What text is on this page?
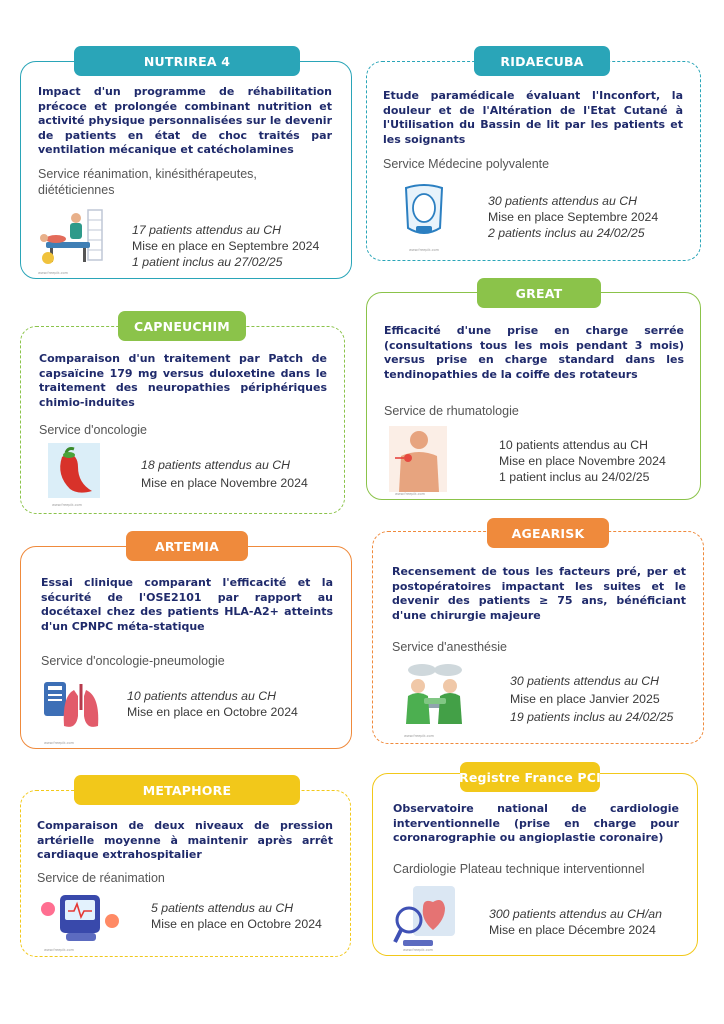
NUTRIREA 4
Impact d'un programme de réhabilitation précoce et prolongée combinant nutrition et activité physique personnalisées sur le devenir de patients en état de choc traités par ventilation mécanique et catécholamines
Service réanimation, kinésithérapeutes, diététiciennes
www.freepik.com
17 patients attendus au CH
Mise en place en Septembre 2024
1 patient inclus au 27/02/25
RIDAECUBA
Etude paramédicale évaluant l'Inconfort, la douleur et de l'Altération de l'Etat Cutané à l'Utilisation du Bassin de lit par les patients et les soignants
Service Médecine polyvalente
www.freepik.com
30 patients attendus au CH
Mise en place Septembre 2024
2 patients inclus au 24/02/25
CAPNEUCHIM
Comparaison d'un traitement par Patch de capsaïcine 179 mg versus duloxetine dans le traitement des neuropathies périphériques chimio-induites
Service d'oncologie
www.freepik.com
18 patients attendus au CH
Mise en place Novembre 2024
GREAT
Efficacité d'une prise en charge serrée (consultations tous les mois pendant 3 mois) versus prise en charge standard dans les tendinopathies de la coiffe des rotateurs
Service de rhumatologie
www.freepik.com
10 patients attendus au CH
Mise en place Novembre 2024
1 patient inclus au 24/02/25
ARTEMIA
Essai clinique comparant l'efficacité et la sécurité de l'OSE2101 par rapport au docétaxel chez des patients HLA-A2+ atteints d'un CPNPC méta-statique
Service d'oncologie-pneumologie
www.freepik.com
10 patients attendus au CH
Mise en place en Octobre 2024
AGEARISK
Recensement de tous les facteurs pré, per et postopératoires impactant les suites et le devenir des patients ≥ 75 ans, bénéficiant d'une chirurgie majeure
Service d'anesthésie
www.freepik.com
30 patients attendus au CH
Mise en place Janvier 2025
19 patients inclus au 24/02/25
METAPHORE
Comparaison de deux niveaux de pression artérielle moyenne à maintenir après arrêt cardiaque extrahospitalier
Service de réanimation
www.freepik.com
5 patients attendus au CH
Mise en place en Octobre 2024
Registre France PCI
Observatoire national de cardiologie interventionnelle (prise en charge pour coronarographie ou angioplastie coronaire)
Cardiologie Plateau technique interventionnel
www.freepik.com
300 patients attendus au CH/an
Mise en place Décembre 2024
